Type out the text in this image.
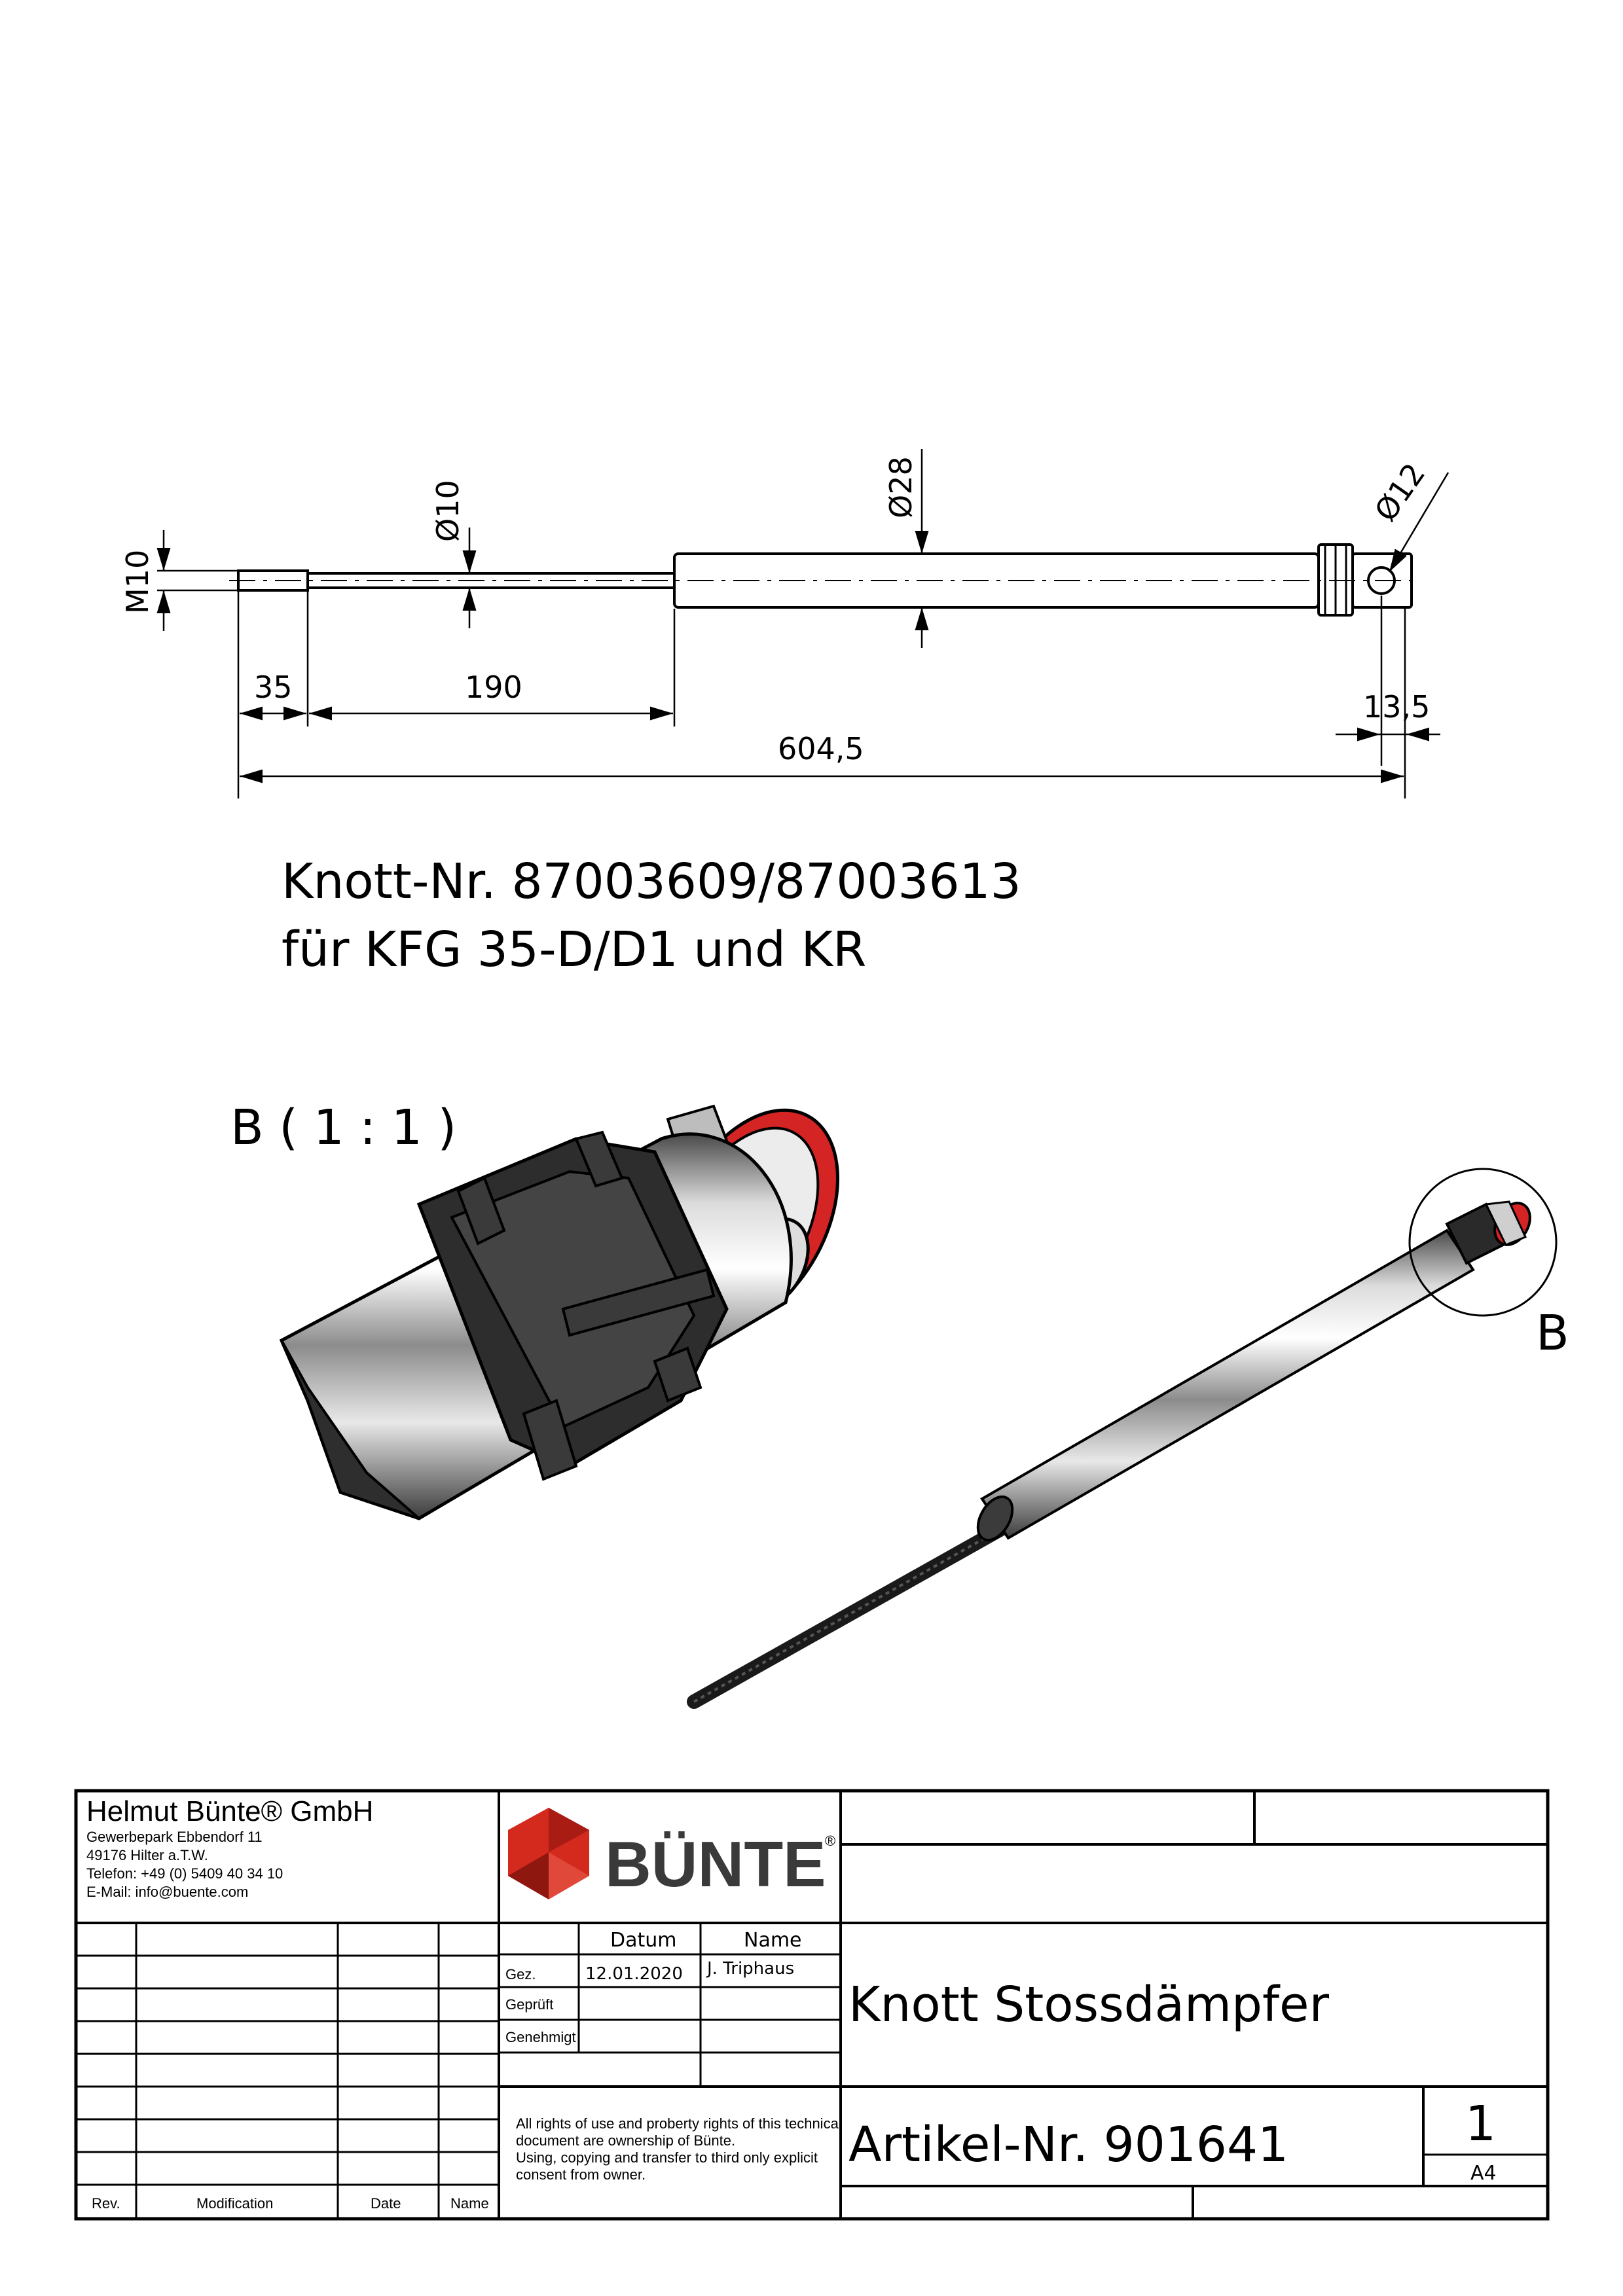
M10
Ø10	Ø28	Ø12
35	190
13,5
604,5
Knott-Nr. 87003609/87003613
für KFG 35-D/D1 und KR
B ( 1 : 1 )
B
Helmut Bünte® GmbH
Gewerbepark Ebbendorf 11
49176 Hilter a.T.W.
Telefon: +49 (0) 5409 40 34 10
E-Mail: info@buente.com	BÜNTE
®
Datum	Name
Gez.	12.01.2020 J. Triphaus
Geprüft
Genehmigt
All rights of use and proberty rights of this technical
document are ownership of Bünte.
Using, copying and transfer to third only explicit
consent from owner.
Knott Stossdämpfer
Artikel-Nr. 901641	1
A4
Rev.	Modification	Date	Name
